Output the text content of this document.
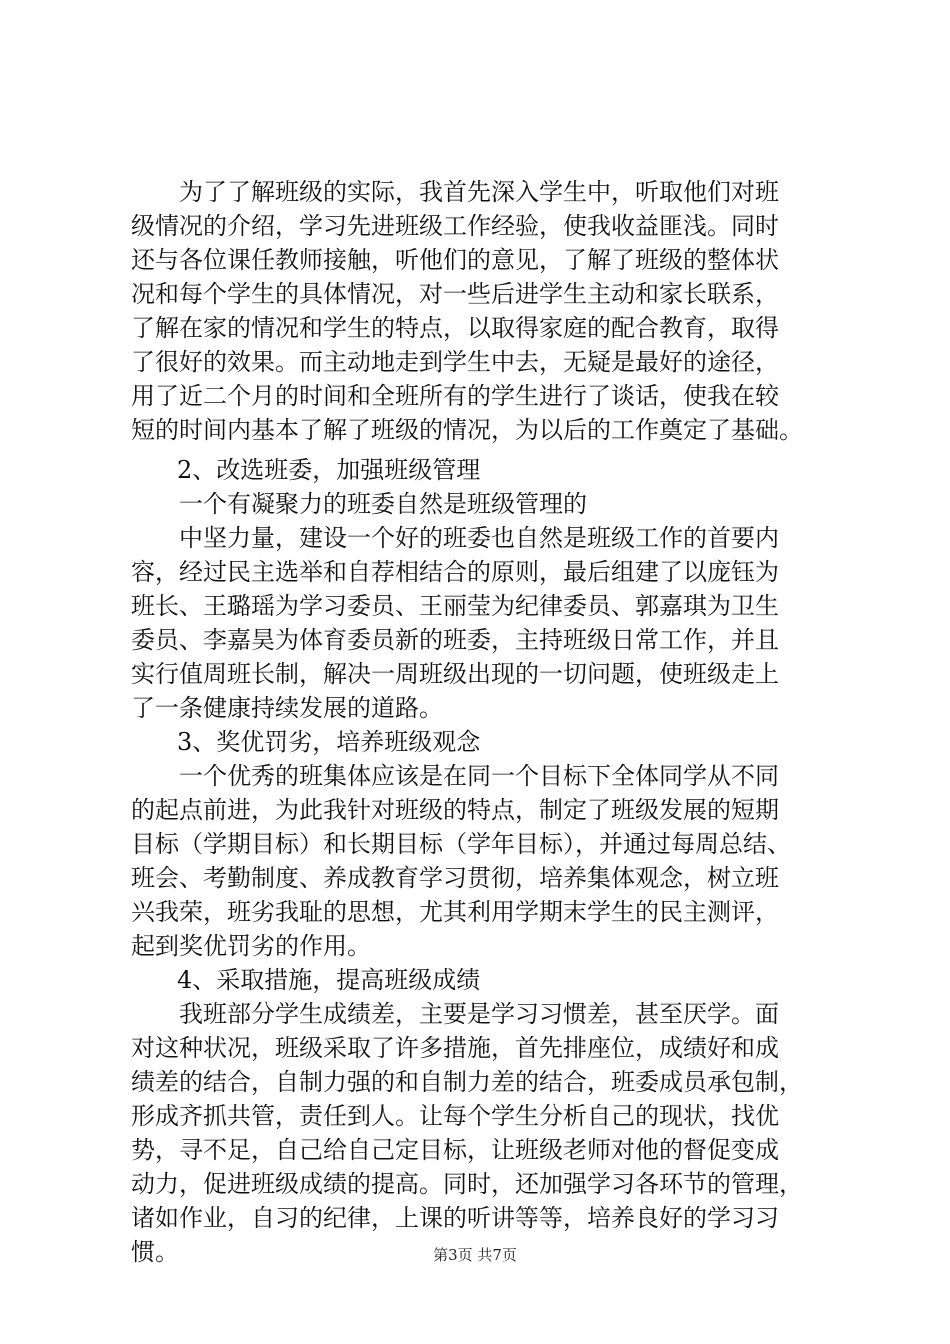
为了了解班级的实际，我首先深入学生中，听取他们对班
级情况的介绍，学习先进班级工作经验，使我收益匪浅。同时
还与各位课任教师接触，听他们的意见，了解了班级的整体状
况和每个学生的具体情况，对一些后进学生主动和家长联系，
了解在家的情况和学生的特点，以取得家庭的配合教育，取得
了很好的效果。而主动地走到学生中去，无疑是最好的途径，
用了近二个月的时间和全班所有的学生进行了谈话，使我在较
短的时间内基本了解了班级的情况，为以后的工作奠定了基础。
2、改选班委，加强班级管理
一个有凝聚力的班委自然是班级管理的
中坚力量，建设一个好的班委也自然是班级工作的首要内
容，经过民主选举和自荐相结合的原则，最后组建了以庞钰为
班长、王璐瑶为学习委员、王丽莹为纪律委员、郭嘉琪为卫生
委员、李嘉昊为体育委员新的班委，主持班级日常工作，并且
实行值周班长制，解决一周班级出现的一切问题，使班级走上
了一条健康持续发展的道路。
3、奖优罚劣，培养班级观念
一个优秀的班集体应该是在同一个目标下全体同学从不同
的起点前进，为此我针对班级的特点，制定了班级发展的短期
目标（学期目标）和长期目标（学年目标），并通过每周总结、
班会、考勤制度、养成教育学习贯彻，培养集体观念，树立班
兴我荣，班劣我耻的思想，尤其利用学期末学生的民主测评，
起到奖优罚劣的作用。
4、采取措施，提高班级成绩
我班部分学生成绩差，主要是学习习惯差，甚至厌学。面
对这种状况，班级采取了许多措施，首先排座位，成绩好和成
绩差的结合，自制力强的和自制力差的结合，班委成员承包制，
形成齐抓共管，责任到人。让每个学生分析自己的现状，找优
势，寻不足，自己给自己定目标，让班级老师对他的督促变成
动力，促进班级成绩的提高。同时，还加强学习各环节的管理，
诸如作业，自习的纪律，上课的听讲等等，培养良好的学习习
惯。	第3页 共7页
